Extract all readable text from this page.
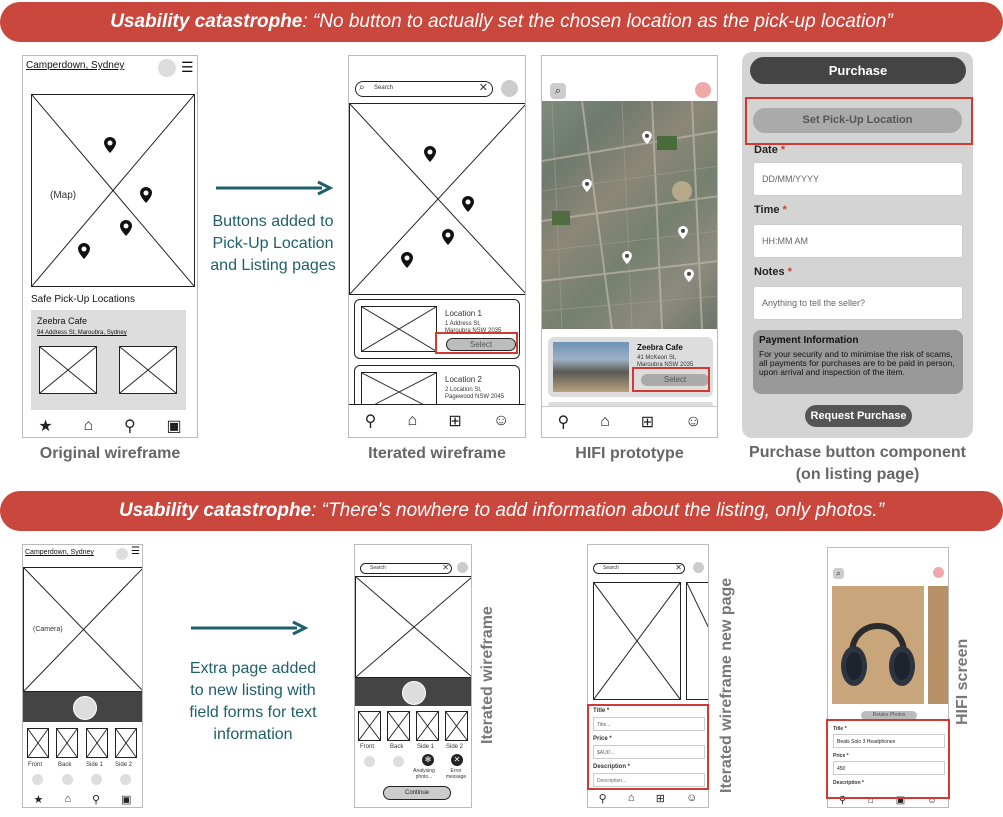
Usability catastrophe : “No button to actually set the chosen location as the pick-up location”
Camperdown, Sydney	☰
(Map)
Safe Pick-Up Locations
Zeebra Cafe
94 Address St, Maroubra, Sydney
★ ⌂ ⚲ ▣
Original wireframe
Buttons added to Pick-Up Location and Listing pages
⌕ Search	✕
Location 1
1 Address St,
Maroubra NSW 2035
Select
Location 2
2 Location St,
Pagewood NSW 2045
⚲ ⌂ ⊞ ☺
Iterated wireframe
⌕
Zeebra Cafe
41 McKeon St,
Maroubra NSW 2035
Select
⚲ ⌂ ⊞ ☺
HIFI prototype
Purchase
Set Pick-Up Location
Date *
DD/MM/YYYY
Time *
HH:MM AM
Notes *
Anything to tell the seller?
Payment Information
For your security and to minimise the risk of scams, all payments for purchases are to be paid in person, upon arrival and inspection of the item.
Request Purchase
Purchase button component
(on listing page)
Usability catastrophe : “There's nowhere to add information about the listing, only photos.”
Camperdown, Sydney	☰
(Camera)
Front	Back Side 1 Side 2
★ ⌂ ⚲ ▣
Extra page added to new listing with field forms for text information
Search	✕
Front	Back Side 1 Side 2
✻	✕
Analysing photo...
Error message
Continue
Iterated wireframe
Search	✕
Title *
Title...
Price *
$AUD...
Description *
Description...
⚲ ⌂ ⊞ ☺
Iterated wireframe new page
⌕
Retake Photos
Title *
Beats Solo 3 Headphones
Price *
450
Description *
⚲ ⌂ ▣ ☺
HIFI screen
